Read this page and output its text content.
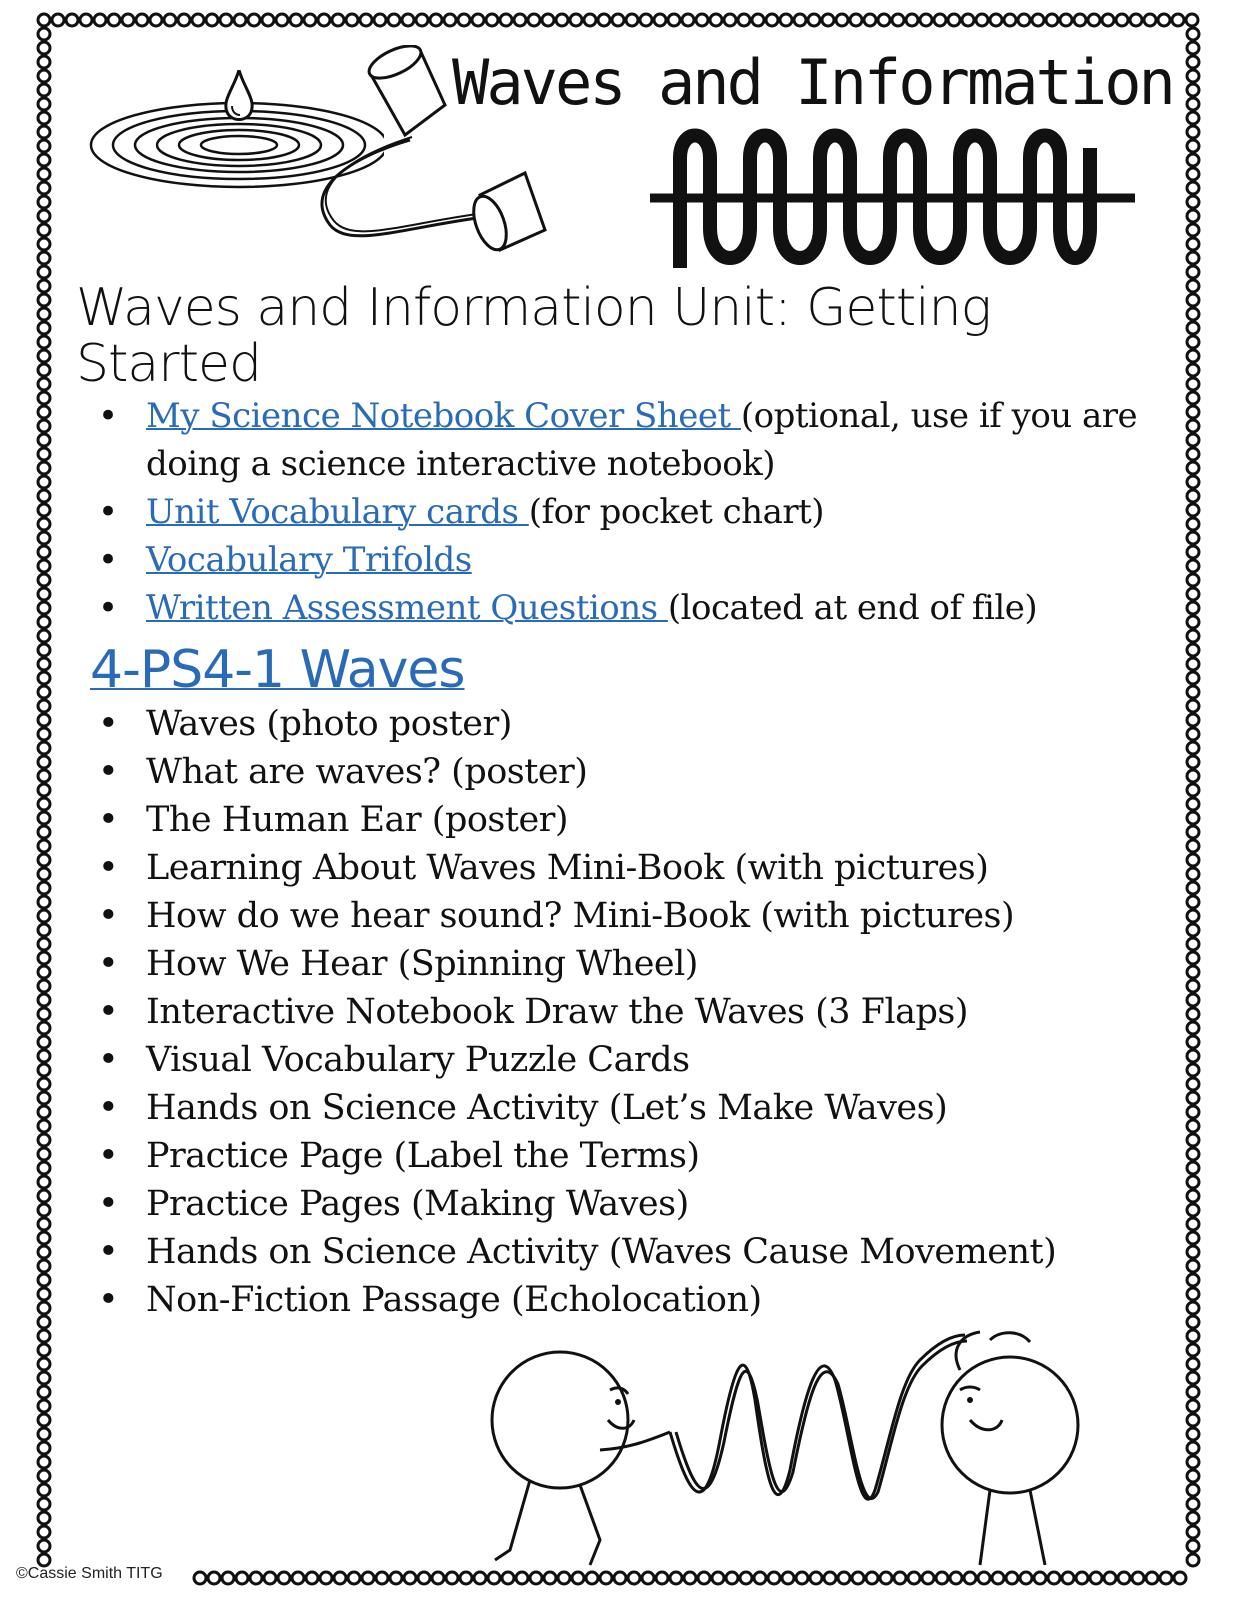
Waves and Information
Waves and Information Unit: Getting Started
• My Science Notebook Cover Sheet (optional, use if you are doing a science interactive notebook)
• Unit Vocabulary cards (for pocket chart)
• Vocabulary Trifolds
• Written Assessment Questions (located at end of file)
4-PS4-1 Waves
• Waves (photo poster)
• What are waves? (poster)
• The Human Ear (poster)
• Learning About Waves Mini-Book (with pictures)
• How do we hear sound? Mini-Book (with pictures)
• How We Hear (Spinning Wheel)
• Interactive Notebook Draw the Waves (3 Flaps)
• Visual Vocabulary Puzzle Cards
• Hands on Science Activity (Let’s Make Waves)
• Practice Page (Label the Terms)
• Practice Pages (Making Waves)
• Hands on Science Activity (Waves Cause Movement)
• Non-Fiction Passage (Echolocation)
©Cassie Smith TITG
